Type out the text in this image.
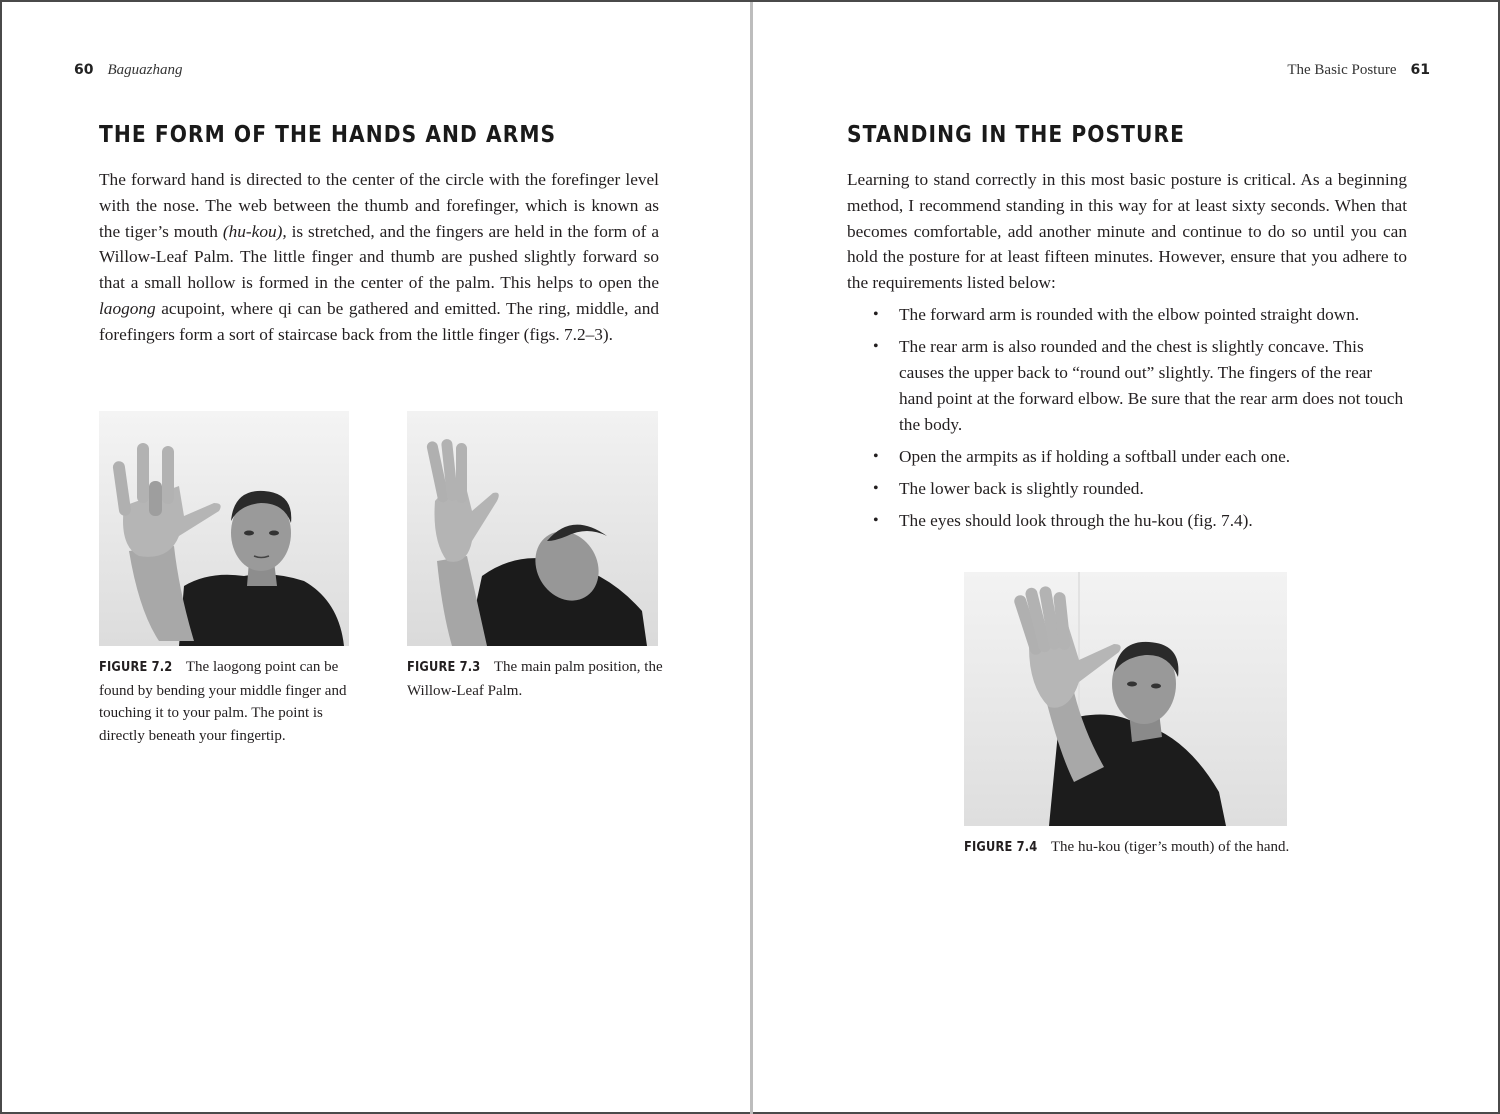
60 Baguazhang
THE FORM OF THE HANDS AND ARMS

The forward hand is directed to the center of the circle with the forefinger level with the nose. The web between the thumb and forefinger, which is known as the tiger’s mouth (hu-kou), is stretched, and the fingers are held in the form of a Willow-Leaf Palm. The little finger and thumb are pushed slightly forward so that a small hollow is formed in the center of the palm. This helps to open the laogong acupoint, where qi can be gathered and emitted. The ring, middle, and forefingers form a sort of staircase back from the little finger (figs. 7.2–3).

FIGURE 7.2 The laogong point can be found by bending your middle finger and touching it to your palm. The point is directly beneath your fingertip.
FIGURE 7.3 The main palm position, the Willow-Leaf Palm.
The Basic Posture 61
STANDING IN THE POSTURE

Learning to stand correctly in this most basic posture is critical. As a beginning method, I recommend standing in this way for at least sixty seconds. When that becomes comfortable, add another minute and continue to do so until you can hold the posture for at least fifteen minutes. However, ensure that you adhere to the requirements listed below:

• The forward arm is rounded with the elbow pointed straight down.
• The rear arm is also rounded and the chest is slightly concave. This causes the upper back to “round out” slightly. The fingers of the rear hand point at the forward elbow. Be sure that the rear arm does not touch the body.
• Open the armpits as if holding a softball under each one.
• The lower back is slightly rounded.
• The eyes should look through the hu-kou (fig. 7.4).
FIGURE 7.4 The hu-kou (tiger’s mouth) of the hand.
